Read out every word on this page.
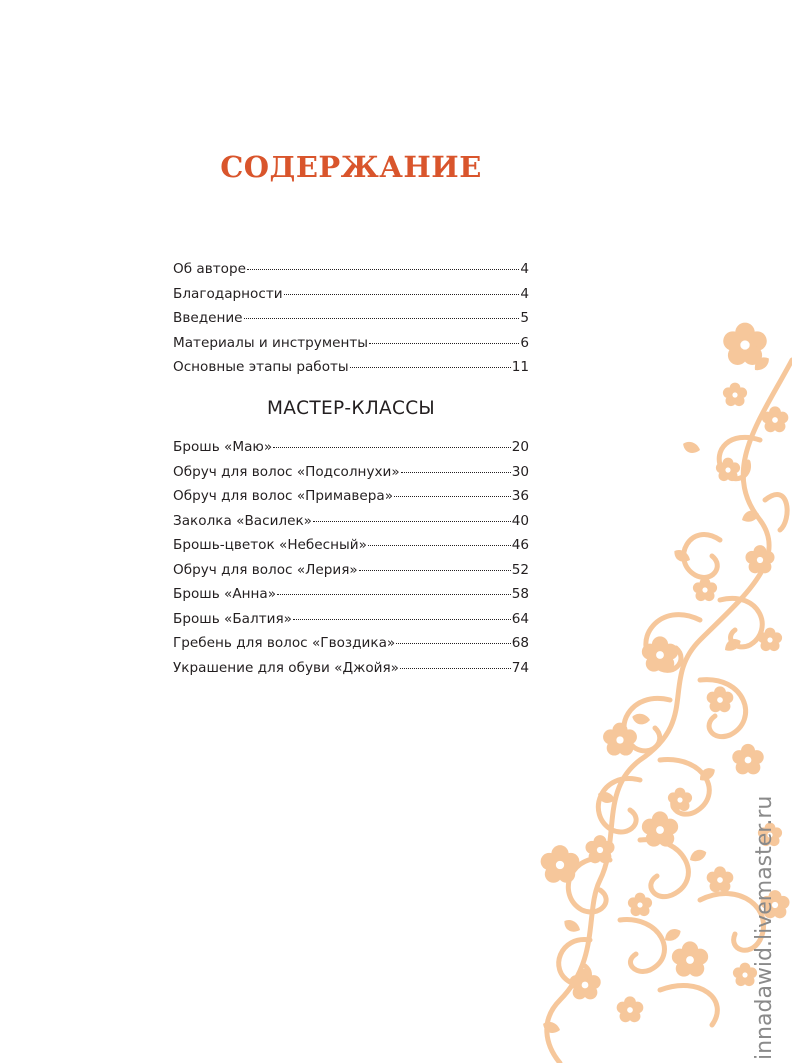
СОДЕРЖАНИЕ
Об авторе	4
Благодарности	4
Введение	5
Материалы и инструменты	6
Основные этапы работы	11
МАСТЕР-КЛАССЫ
Брошь «Маю»	20
Обруч для волос «Подсолнухи»	30
Обруч для волос «Примавера»	36
Заколка «Василек»	40
Брошь-цветок «Небесный»	46
Обруч для волос «Лерия»	52
Брошь «Анна»	58
Брошь «Балтия»	64
Гребень для волос «Гвоздика»	68
Украшение для обуви «Джойя»	74
innadawid.livemaster.ru
